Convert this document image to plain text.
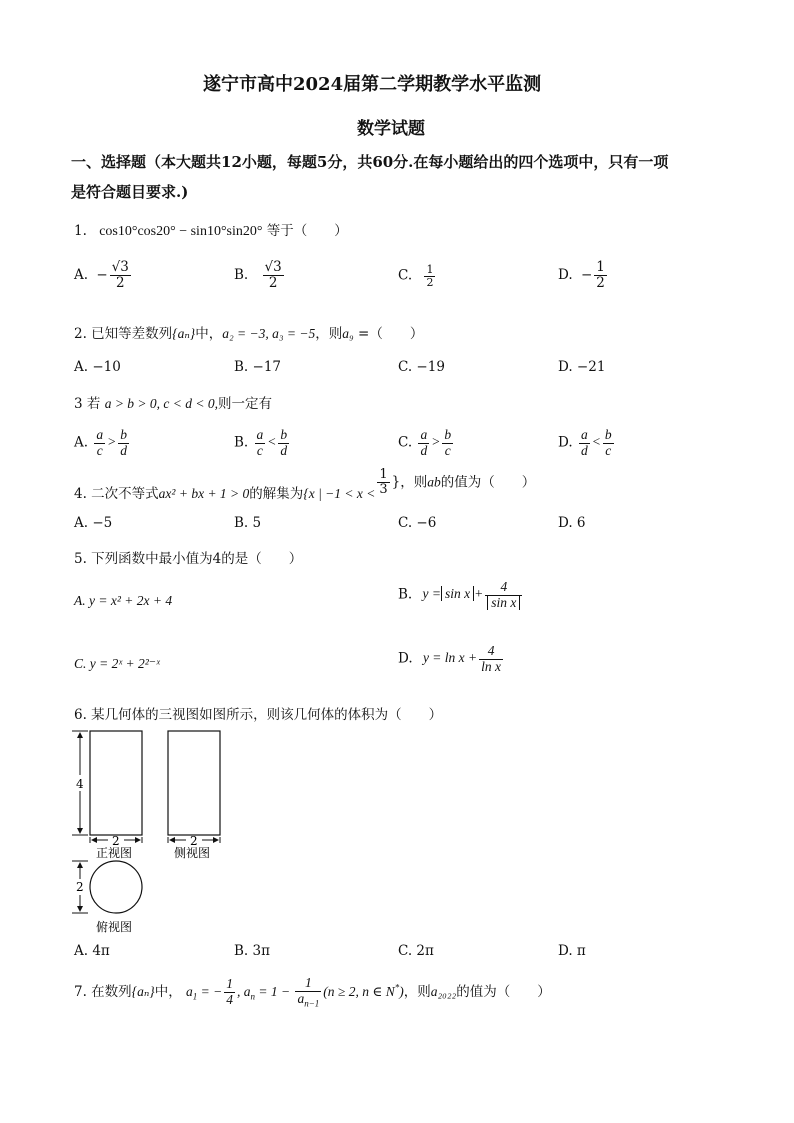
遂宁市高中2024届第二学期教学水平监测
数学试题
一、选择题（本大题共12小题，每题5分，共60分.在每小题给出的四个选项中，只有一项
是符合题目要求.)
1. cos10°cos20° − sin10°sin20° 等于（　　）
A. − $\frac{√3}{2}$	B. $\frac{√3}{2}$	C. $\frac{1}{2}$	D. − $\frac{1}{2}$
2. 已知等差数列{aₙ}中，a₂ = −3, a₃ = −5，则a₉ =（　　）
A. −10	B. −17	C. −19	D. −21
3 若 a > b > 0, c < d < 0,则一定有
A. $\frac{a}{c} > \frac{b}{d}$	B. $\frac{a}{c} < \frac{b}{d}$	C. $\frac{a}{d} > \frac{b}{c}$	D. $\frac{a}{d} < \frac{b}{c}$
4. 二次不等式ax² + bx + 1 > 0的解集为{x | $-1 < x < \frac{1}{3}$ }，则ab的值为（　　）
A. −5	B. 5	C. −6	D. 6
5. 下列函数中最小值为4的是（　　）
A. y = x² + 2x + 4	B. $y = \sin x + \frac{4}{\text{sin x}}$
C. y = 2ˣ + 2²⁻ˣ	D. $y = \ln x + \frac{4}{\text{ln x}}$
6. 某几何体的三视图如图所示，则该几何体的体积为（　　）
4
2	2
正视图	侧视图
2
俯视图
A. 4π	B. 3π	C. 2π	D. π
7. 在数列{aₙ}中， $a_1$ = − $\frac{1}{4}$ , $a_n = 1 - \frac{1}{a_{n-1}} (n \ge 2$, n ∈ N*)，则a₂₀₂₂的值为（　　）
